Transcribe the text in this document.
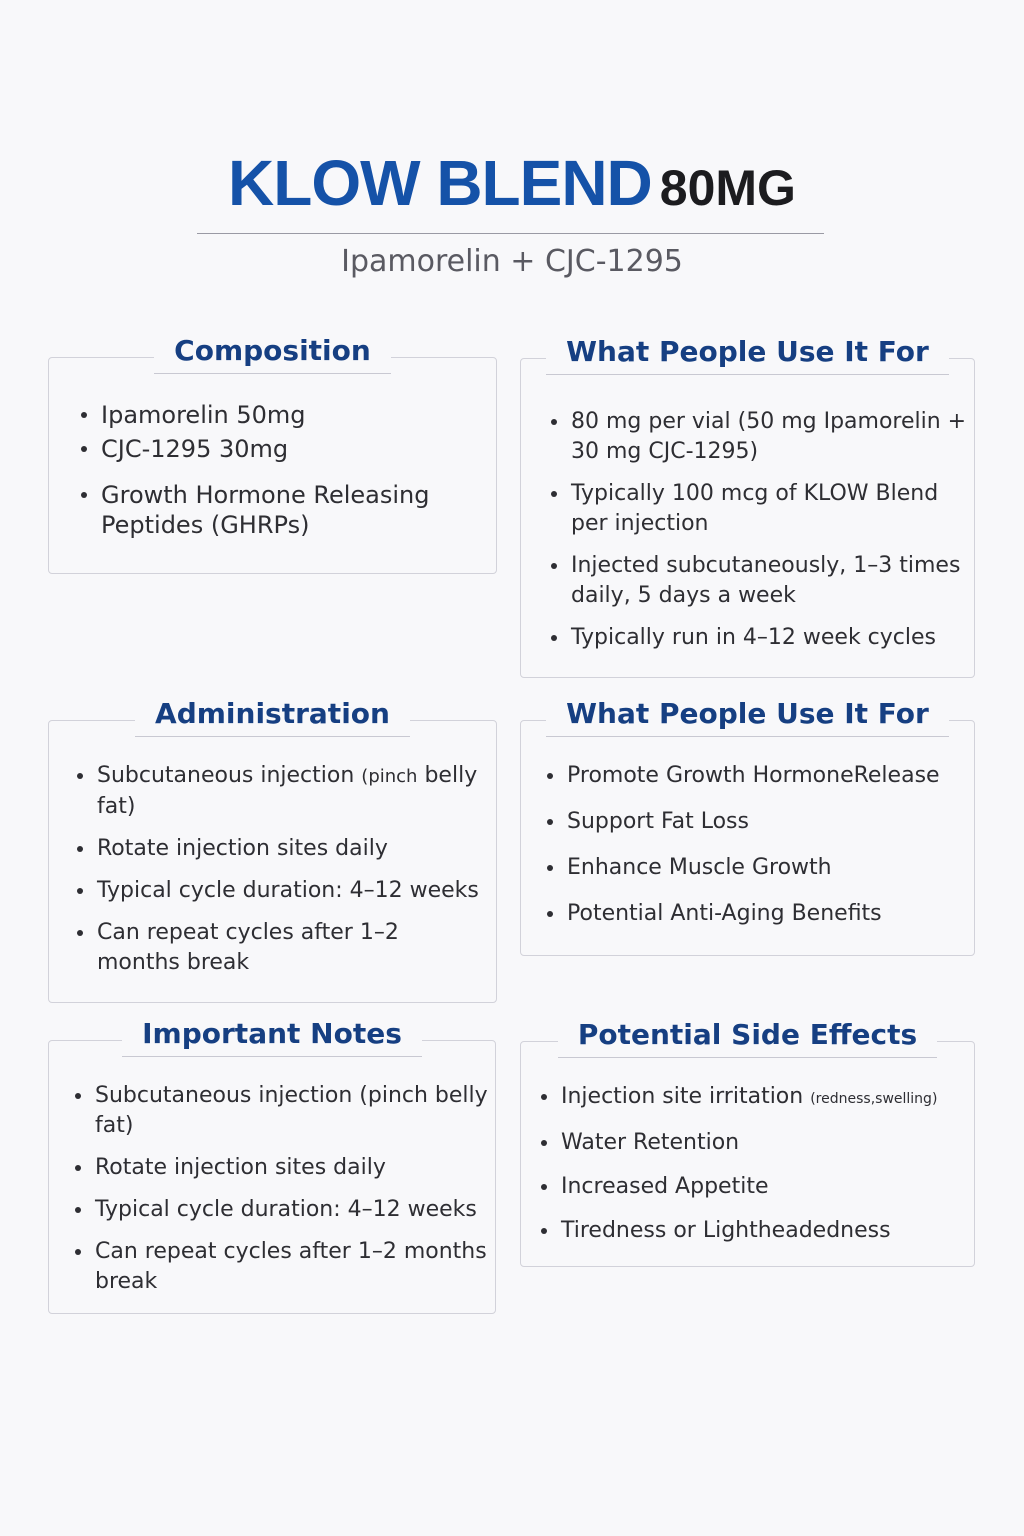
KLOW BLEND 80MG
Ipamorelin + CJC-1295
Composition
Ipamorelin 50mg
CJC-1295 30mg
Growth Hormone Releasing Peptides (GHRPs)
What People Use It For
80 mg per vial (50 mg Ipamorelin + 30 mg CJC-1295)
Typically 100 mcg of KLOW Blend per injection
Injected subcutaneously, 1–3 times daily, 5 days a week
Typically run in 4–12 week cycles
Administration
Subcutaneous injection (pinch belly fat)
Rotate injection sites daily
Typical cycle duration: 4–12 weeks
Can repeat cycles after 1–2 months break
What People Use It For
Promote Growth HormoneRelease
Support Fat Loss
Enhance Muscle Growth
Potential Anti-Aging Benefits
Important Notes
Subcutaneous injection (pinch belly fat)
Rotate injection sites daily
Typical cycle duration: 4–12 weeks
Can repeat cycles after 1–2 months break
Potential Side Effects
Injection site irritation (redness,swelling)
Water Retention
Increased Appetite
Tiredness or Lightheadedness
